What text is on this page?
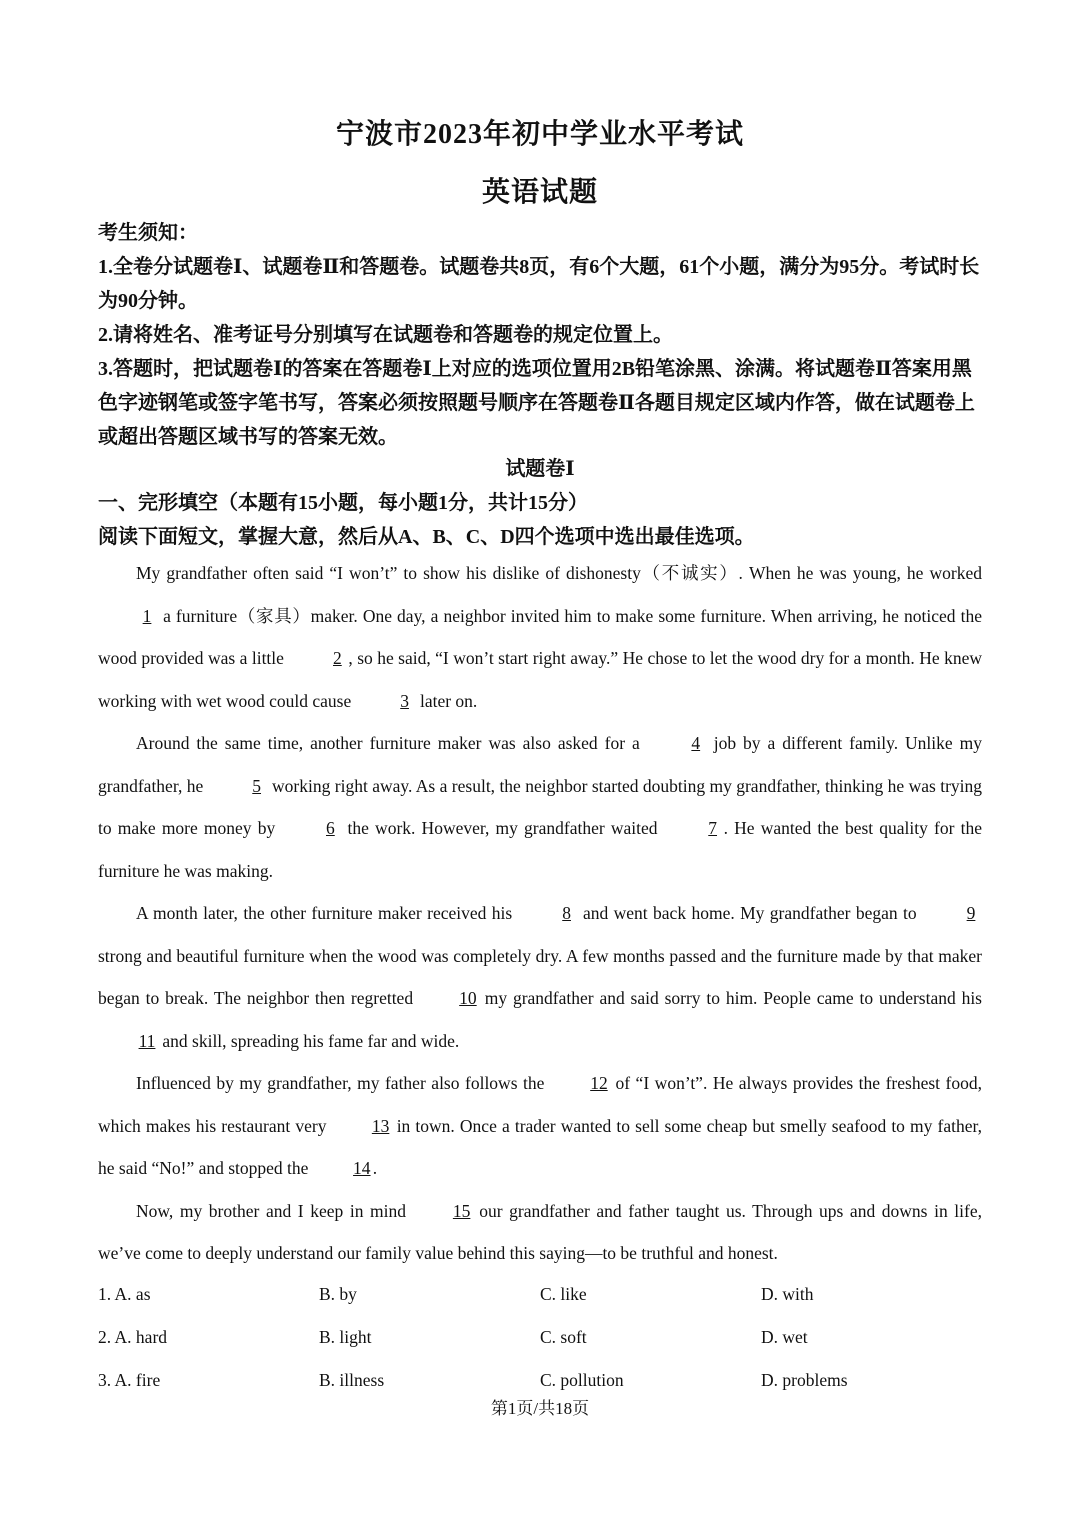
宁波市2023年初中学业水平考试
英语试题
考生须知：
1.全卷分试题卷Ⅰ、试题卷Ⅱ和答题卷。试题卷共8页，有6个大题，61个小题，满分为95分。考试时长为90分钟。
2.请将姓名、准考证号分别填写在试题卷和答题卷的规定位置上。
3.答题时，把试题卷Ⅰ的答案在答题卷Ⅰ上对应的选项位置用2B铅笔涂黑、涂满。将试题卷Ⅱ答案用黑色字迹钢笔或签字笔书写，答案必须按照题号顺序在答题卷Ⅱ各题目规定区域内作答，做在试题卷上或超出答题区域书写的答案无效。
试题卷Ⅰ
一、完形填空（本题有15小题，每小题1分，共计15分）
阅读下面短文，掌握大意，然后从A、B、C、D四个选项中选出最佳选项。

My grandfather often said “I won’t” to show his dislike of dishonesty（不诚实）. When he was young, he worked 1 a furniture（家具）maker. One day, a neighbor invited him to make some furniture. When arriving, he noticed the wood provided was a little	2 , so he said, “I won’t start right away.” He chose to let the wood dry for a month. He knew working with wet wood could cause	3 later on.

Around the same time, another furniture maker was also asked for a	4 job by a different family. Unlike my grandfather, he	5 working right away. As a result, the neighbor started doubting my grandfather, thinking he was trying to make more money by	6 the work. However, my grandfather waited	7 . He wanted the best quality for the furniture he was making.

A month later, the other furniture maker received his	8 and went back home. My grandfather began to	9 strong and beautiful furniture when the wood was completely dry. A few months passed and the furniture made by that maker began to break. The neighbor then regretted 10 my grandfather and said sorry to him. People came to understand his 11 and skill, spreading his fame far and wide.

Influenced by my grandfather, my father also follows the 12 of “I won’t”. He always provides the freshest food, which makes his restaurant very 13 in town. Once a trader wanted to sell some cheap but smelly seafood to my father, he said “No!” and stopped the 14 .

Now, my brother and I keep in mind 15 our grandfather and father taught us. Through ups and downs in life, we’ve come to deeply understand our family value behind this saying—to be truthful and honest.

1. A. as	B. by	C. like	D. with
2. A. hard	B. light	C. soft	D. wet
3. A. fire	B. illness	C. pollution	D. problems
第1页/共18页
